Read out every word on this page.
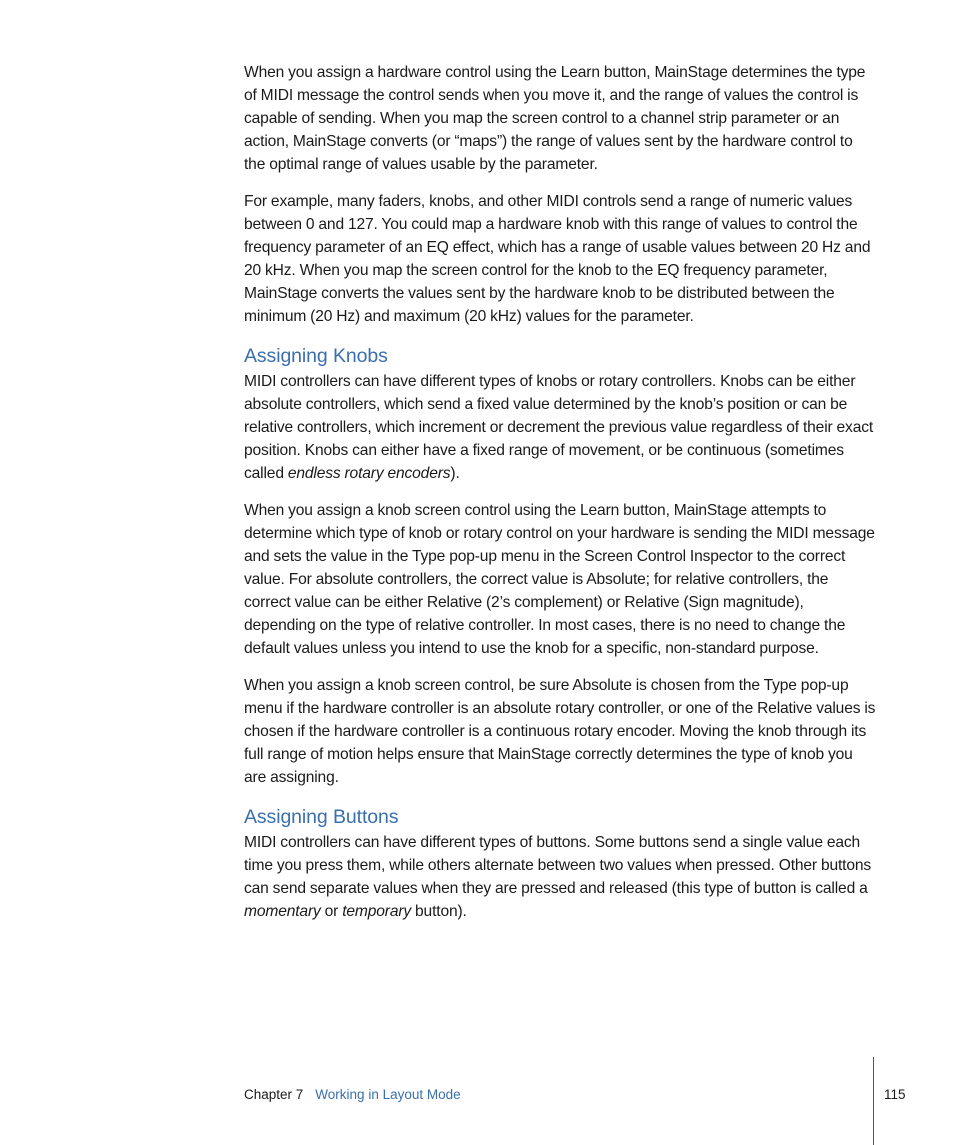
When you assign a hardware control using the Learn button, MainStage determines the type of MIDI message the control sends when you move it, and the range of values the control is capable of sending. When you map the screen control to a channel strip parameter or an action, MainStage converts (or “maps”) the range of values sent by the hardware control to the optimal range of values usable by the parameter.

For example, many faders, knobs, and other MIDI controls send a range of numeric values between 0 and 127. You could map a hardware knob with this range of values to control the frequency parameter of an EQ effect, which has a range of usable values between 20 Hz and 20 kHz. When you map the screen control for the knob to the EQ frequency parameter, MainStage converts the values sent by the hardware knob to be distributed between the minimum (20 Hz) and maximum (20 kHz) values for the parameter.

Assigning Knobs

MIDI controllers can have different types of knobs or rotary controllers. Knobs can be either absolute controllers, which send a fixed value determined by the knob’s position or can be relative controllers, which increment or decrement the previous value regardless of their exact position. Knobs can either have a fixed range of movement, or be continuous (sometimes called endless rotary encoders).

When you assign a knob screen control using the Learn button, MainStage attempts to determine which type of knob or rotary control on your hardware is sending the MIDI message and sets the value in the Type pop-up menu in the Screen Control Inspector to the correct value. For absolute controllers, the correct value is Absolute; for relative controllers, the correct value can be either Relative (2’s complement) or Relative (Sign magnitude), depending on the type of relative controller. In most cases, there is no need to change the default values unless you intend to use the knob for a specific, non-standard purpose.

When you assign a knob screen control, be sure Absolute is chosen from the Type pop-up menu if the hardware controller is an absolute rotary controller, or one of the Relative values is chosen if the hardware controller is a continuous rotary encoder. Moving the knob through its full range of motion helps ensure that MainStage correctly determines the type of knob you are assigning.

Assigning Buttons

MIDI controllers can have different types of buttons. Some buttons send a single value each time you press them, while others alternate between two values when pressed. Other buttons can send separate values when they are pressed and released (this type of button is called a momentary or temporary button).

Chapter 7 Working in Layout Mode	115
